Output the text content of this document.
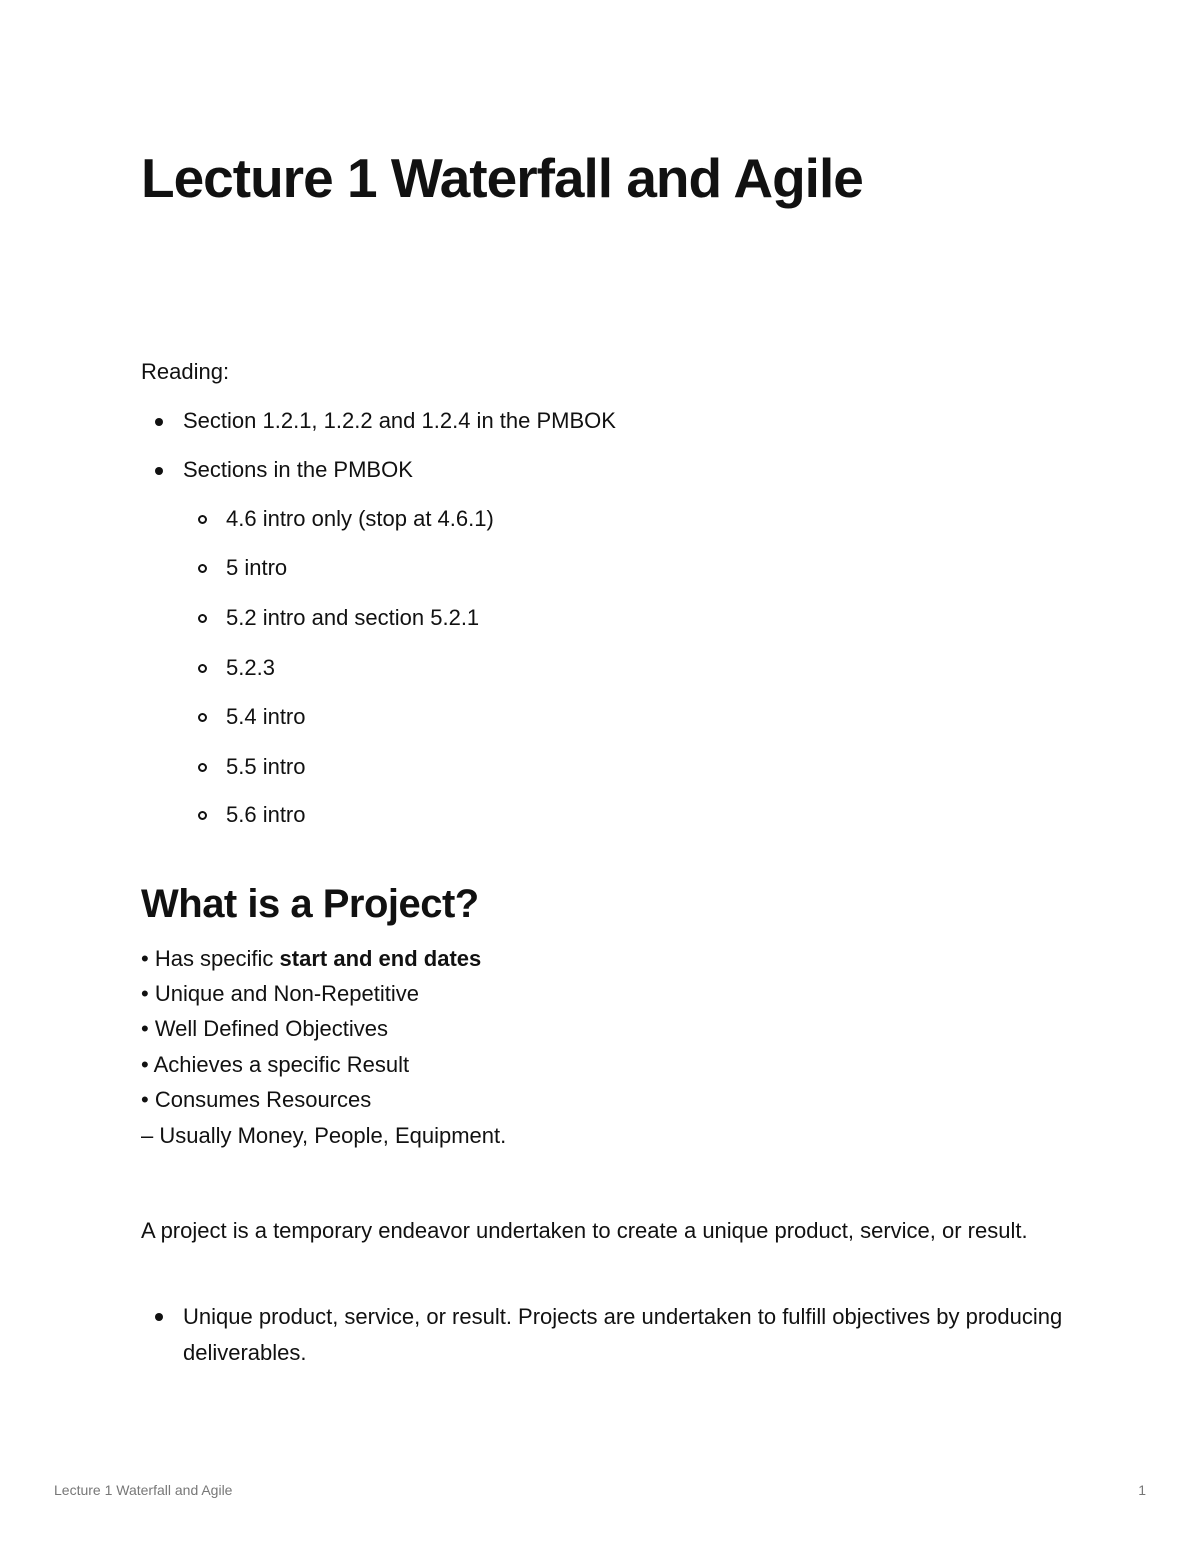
Lecture 1 Waterfall and Agile
Reading:
Section 1.2.1, 1.2.2 and 1.2.4 in the PMBOK
Sections in the PMBOK
4.6 intro only (stop at 4.6.1)
5 intro
5.2 intro and section 5.2.1
5.2.3
5.4 intro
5.5 intro
5.6 intro
What is a Project?
• Has specific start and end dates
• Unique and Non-Repetitive
• Well Defined Objectives
• Achieves a specific Result
• Consumes Resources
– Usually Money, People, Equipment.
A project is a temporary endeavor undertaken to create a unique product, service, or result.
Unique product, service, or result. Projects are undertaken to fulfill objectives by producing deliverables.
Lecture 1 Waterfall and Agile	1
